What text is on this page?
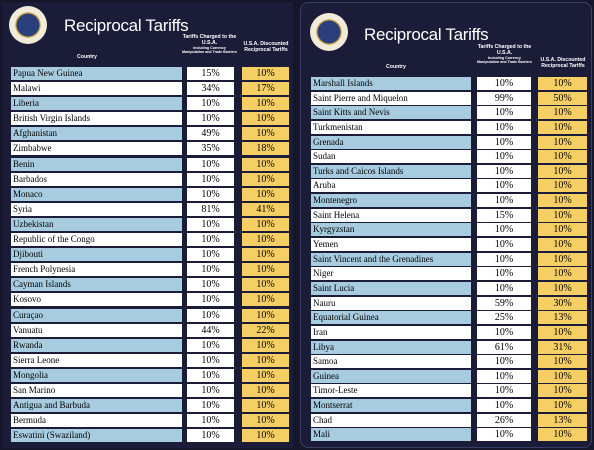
Reciprocal Tariffs
Tariffs Charged to the U.S.A.
Including Currency Manipulation and Trade Barriers
U.S.A. Discounted Reciprocal Tariffs
Country
Papua New Guinea	15%	10%
Malawi	34%	17%
Liberia	10%	10%
British Virgin Islands	10%	10%
Afghanistan	49%	10%
Zimbabwe	35%	18%
Benin	10%	10%
Barbados	10%	10%
Monaco	10%	10%
Syria	81%	41%
Uzbekistan	10%	10%
Republic of the Congo	10%	10%
Djibouti	10%	10%
French Polynesia	10%	10%
Cayman Islands	10%	10%
Kosovo	10%	10%
Curaçao	10%	10%
Vanuatu	44%	22%
Rwanda	10%	10%
Sierra Leone	10%	10%
Mongolia	10%	10%
San Marino	10%	10%
Antigua and Barbuda	10%	10%
Bermuda	10%	10%
Eswatini (Swaziland)	10%	10%
Reciprocal Tariffs
Tariffs Charged to the U.S.A.
Including Currency Manipulation and Trade Barriers	U.S.A. Discounted Reciprocal Tariffs
Country
Marshall Islands	10%	10%
Saint Pierre and Miquelon	99%	50%
Saint Kitts and Nevis	10%	10%
Turkmenistan	10%	10%
Grenada	10%	10%
Sudan	10%	10%
Turks and Caicos Islands	10%	10%
Aruba	10%	10%
Montenegro	10%	10%
Saint Helena	15%	10%
Kyrgyzstan	10%	10%
Yemen	10%	10%
Saint Vincent and the Grenadines	10%	10%
Niger	10%	10%
Saint Lucia	10%	10%
Nauru	59%	30%
Equatorial Guinea	25%	13%
Iran	10%	10%
Libya	61%	31%
Samoa	10%	10%
Guinea	10%	10%
Timor-Leste	10%	10%
Montserrat	10%	10%
Chad	26%	13%
Mali	10%	10%
